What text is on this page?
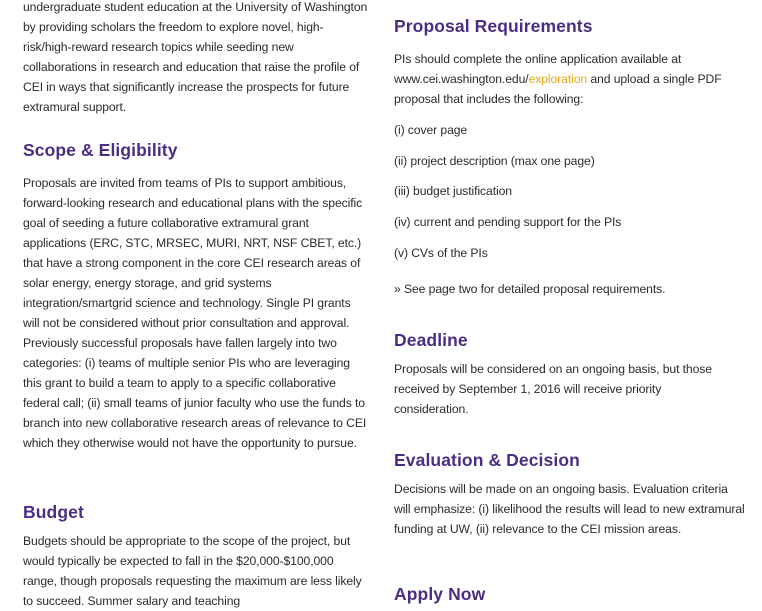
undergraduate student education at the University of Washington by providing scholars the freedom to explore novel, high-risk/high-reward research topics while seeding new collaborations in research and education that raise the profile of CEI in ways that significantly increase the prospects for future extramural support.

Scope & Eligibility

Proposals are invited from teams of PIs to support ambitious, forward-looking research and educational plans with the specific goal of seeding a future collaborative extramural grant applications (ERC, STC, MRSEC, MURI, NRT, NSF CBET, etc.) that have a strong component in the core CEI research areas of solar energy, energy storage, and grid systems integration/smartgrid science and technology. Single PI grants will not be considered without prior consultation and approval. Previously successful proposals have fallen largely into two categories: (i) teams of multiple senior PIs who are leveraging this grant to build a team to apply to a specific collaborative federal call; (ii) small teams of junior faculty who use the funds to branch into new collaborative research areas of relevance to CEI which they otherwise would not have the opportunity to pursue.

Budget

Budgets should be appropriate to the scope of the project, but would typically be expected to fall in the $20,000-$100,000 range, though proposals requesting the maximum are less likely to succeed. Summer salary and teaching

Proposal Requirements

PIs should complete the online application available at www.cei.washington.edu/exploration and upload a single PDF proposal that includes the following:

(i) cover page

(ii) project description (max one page)

(iii) budget justification

(iv) current and pending support for the PIs

(v) CVs of the PIs

» See page two for detailed proposal requirements.

Deadline

Proposals will be considered on an ongoing basis, but those received by September 1, 2016 will receive priority consideration.

Evaluation & Decision

Decisions will be made on an ongoing basis. Evaluation criteria will emphasize: (i) likelihood the results will lead to new extramural funding at UW, (ii) relevance to the CEI mission areas.

Apply Now
